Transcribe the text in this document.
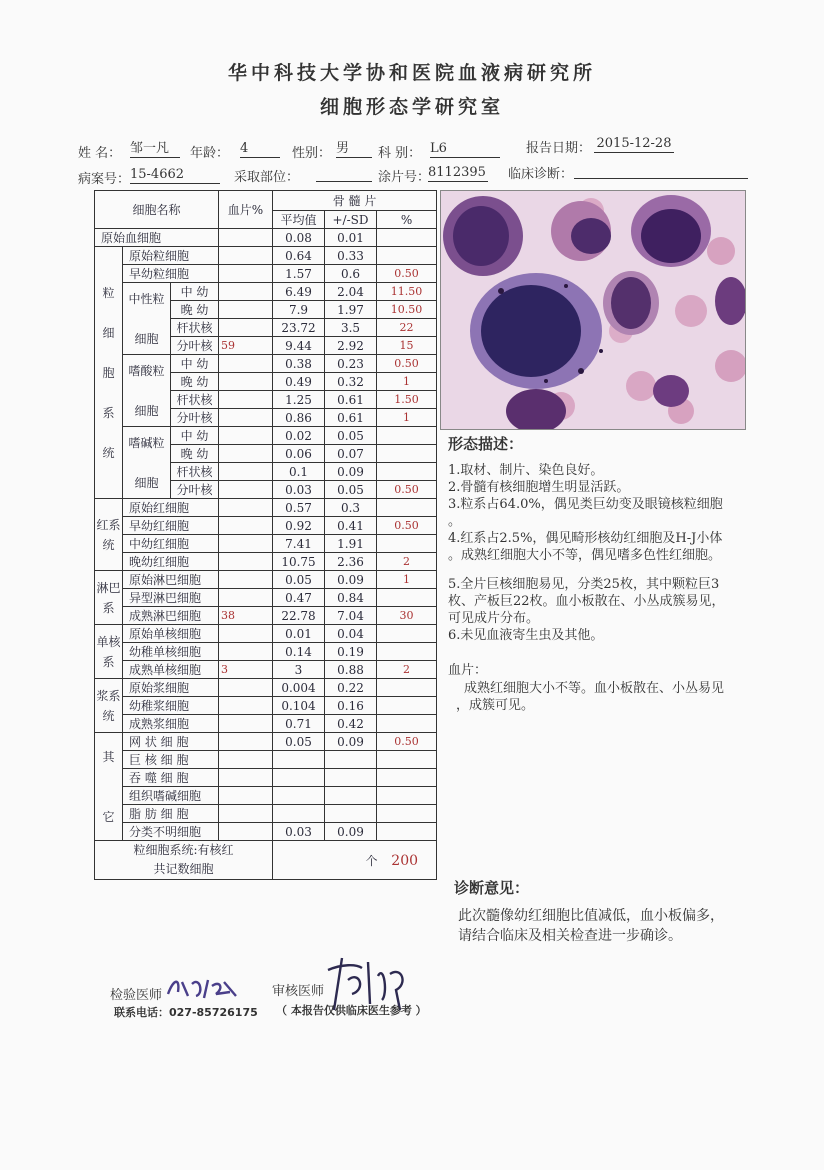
华中科技大学协和医院血液病研究所
细胞形态学研究室
姓 名： 邹一凡	年龄： 4	性别： 男	科 别： L6	报告日期： 2015-12-28
病案号： 15-4662	采取部位：	涂片号：
8112395 临床诊断：
细胞名称			血片%	骨 髓 片		
				平均值	+/-SD	%
原始血细胞				0.08	0.01	
粒

细

胞

系

统	原始粒细胞			0.64	0.33	
	早幼粒细胞			1.57	0.6	0.50
	中性粒

细胞	中 幼		6.49	2.04	11.50
		晚 幼		7.9	1.97	10.50
		杆状核		23.72	3.5	22
		分叶核	59	9.44	2.92	15
	嗜酸粒

细胞	中 幼		0.38	0.23	0.50
		晚 幼		0.49	0.32	1
		杆状核		1.25	0.61	1.50
		分叶核		0.86	0.61	1
	嗜碱粒

细胞	中 幼		0.02	0.05	
		晚 幼		0.06	0.07	
		杆状核		0.1	0.09	
		分叶核		0.03	0.05	0.50
红系统	原始红细胞			0.57	0.3	
	早幼红细胞			0.92	0.41	0.50
	中幼红细胞			7.41	1.91	
	晚幼红细胞			10.75	2.36	2
淋巴系	原始淋巴细胞			0.05	0.09	1
	异型淋巴细胞			0.47	0.84	
	成熟淋巴细胞		38	22.78	7.04	30
单核系	原始单核细胞			0.01	0.04	
	幼稚单核细胞			0.14	0.19	
	成熟单核细胞		3	3	0.88	2
浆系统	原始浆细胞			0.004	0.22	
	幼稚浆细胞			0.104	0.16	
	成熟浆细胞			0.71	0.42	
其

它	网 状 细 胞			0.05	0.09	0.50
	巨 核 细 胞					
	吞 噬 细 胞					
	组织嗜碱细胞					
	脂 肪 细 胞					
	分类不明细胞			0.03	0.09	
粒细胞系统:有核红
共记数细胞				个 200		
形态描述：
1.取材、制片、染色良好。
2.骨髓有核细胞增生明显活跃。
3.粒系占64.0%，偶见类巨幼变及眼镜核粒细胞
。
4.红系占2.5%，偶见畸形核幼红细胞及H-J小体
。成熟红细胞大小不等，偶见嗜多色性红细胞。
5.全片巨核细胞易见，分类25枚，其中颗粒巨3
枚、产板巨22枚。血小板散在、小丛成簇易见，
可见成片分布。
6.未见血液寄生虫及其他。
血片：
成熟红细胞大小不等。血小板散在、小丛易见
，成簇可见。
诊断意见：
此次髓像幼红细胞比值减低，血小板偏多，
请结合临床及相关检查进一步确诊。
检验医师	审核医师
联系电话：027-85726175 （ 本报告仅供临床医生参考 ）
